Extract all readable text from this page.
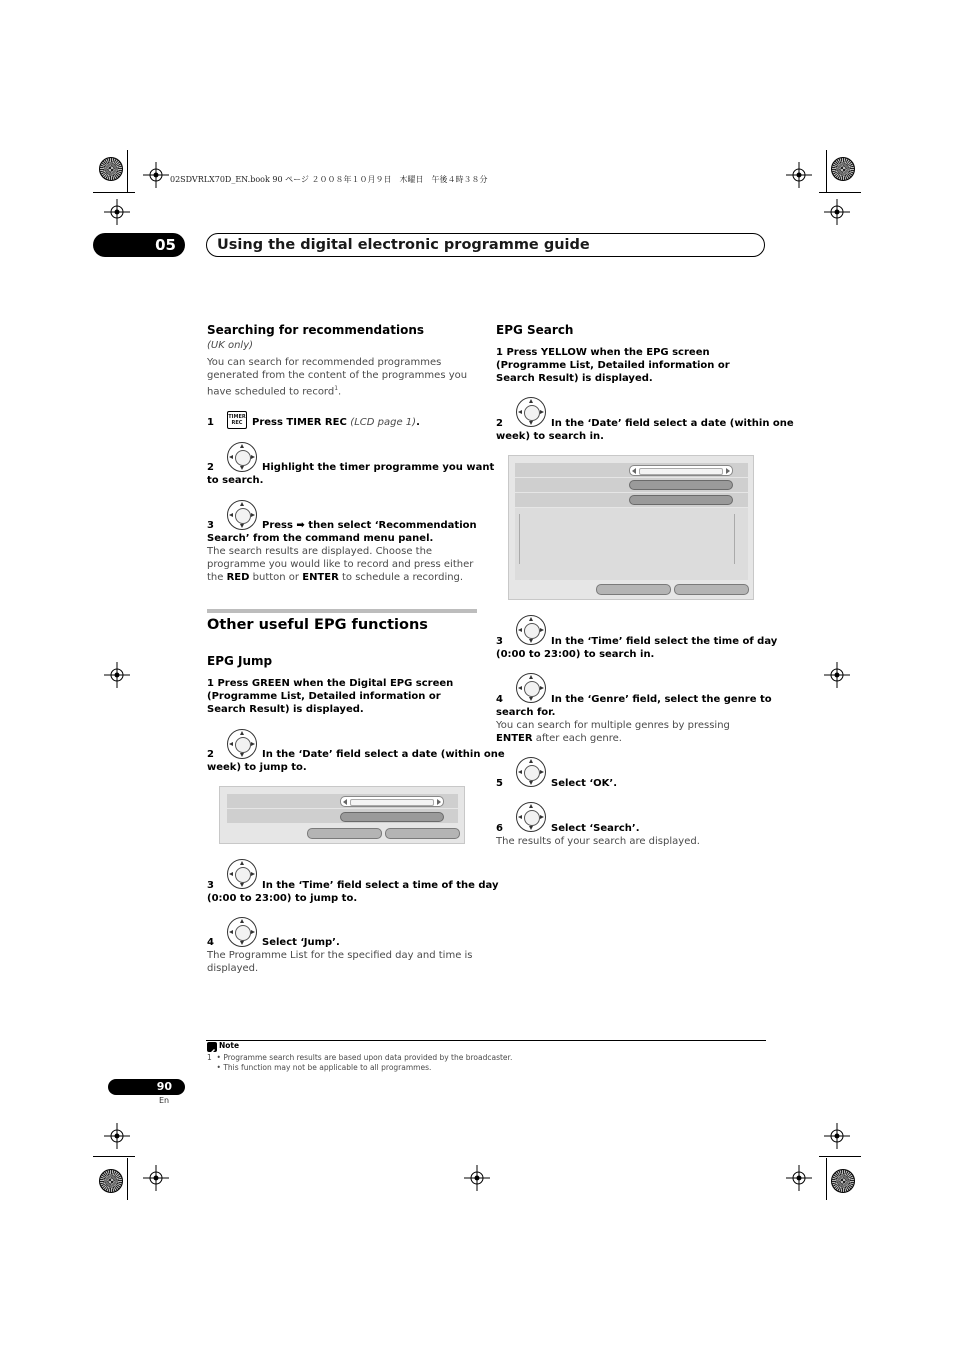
02SDVRLX70D_EN.book 90 ページ ２００８年１０月９日　木曜日　午後４時３８分
05	Using the digital electronic programme guide
Searching for recommendations
(UK only)
You can search for recommended programmes generated from the content of the programmes you have scheduled to record$^1$.
1	TIMER
REC Press TIMER REC (LCD page 1).
2	Highlight the timer programme you want
to search.
3	Press ➡ then select ‘Recommendation
Search’ from the command menu panel.
The search results are displayed. Choose the programme you would like to record and press either the RED button or ENTER to schedule a recording.
Other useful EPG functions
EPG Jump
1 Press GREEN when the Digital EPG screen (Programme List, Detailed information or Search Result) is displayed.
2	In the ‘Date’ field select a date (within one
week) to jump to.
3	In the ‘Time’ field select a time of the day
(0:00 to 23:00) to jump to.
4	Select ‘Jump’.
The Programme List for the specified day and time is displayed.
EPG Search
1 Press YELLOW when the EPG screen (Programme List, Detailed information or Search Result) is displayed.
2	In the ‘Date’ field select a date (within one
week) to search in.
3	In the ‘Time’ field select the time of day
(0:00 to 23:00) to search in.
4	In the ‘Genre’ field, select the genre to
search for.
You can search for multiple genres by pressing ENTER after each genre.
5	Select ‘OK’.
6	Select ‘Search’.
The results of your search are displayed.
Note
1  • Programme search results are based upon data provided by the broadcaster.
• This function may not be applicable to all programmes.
90
En
